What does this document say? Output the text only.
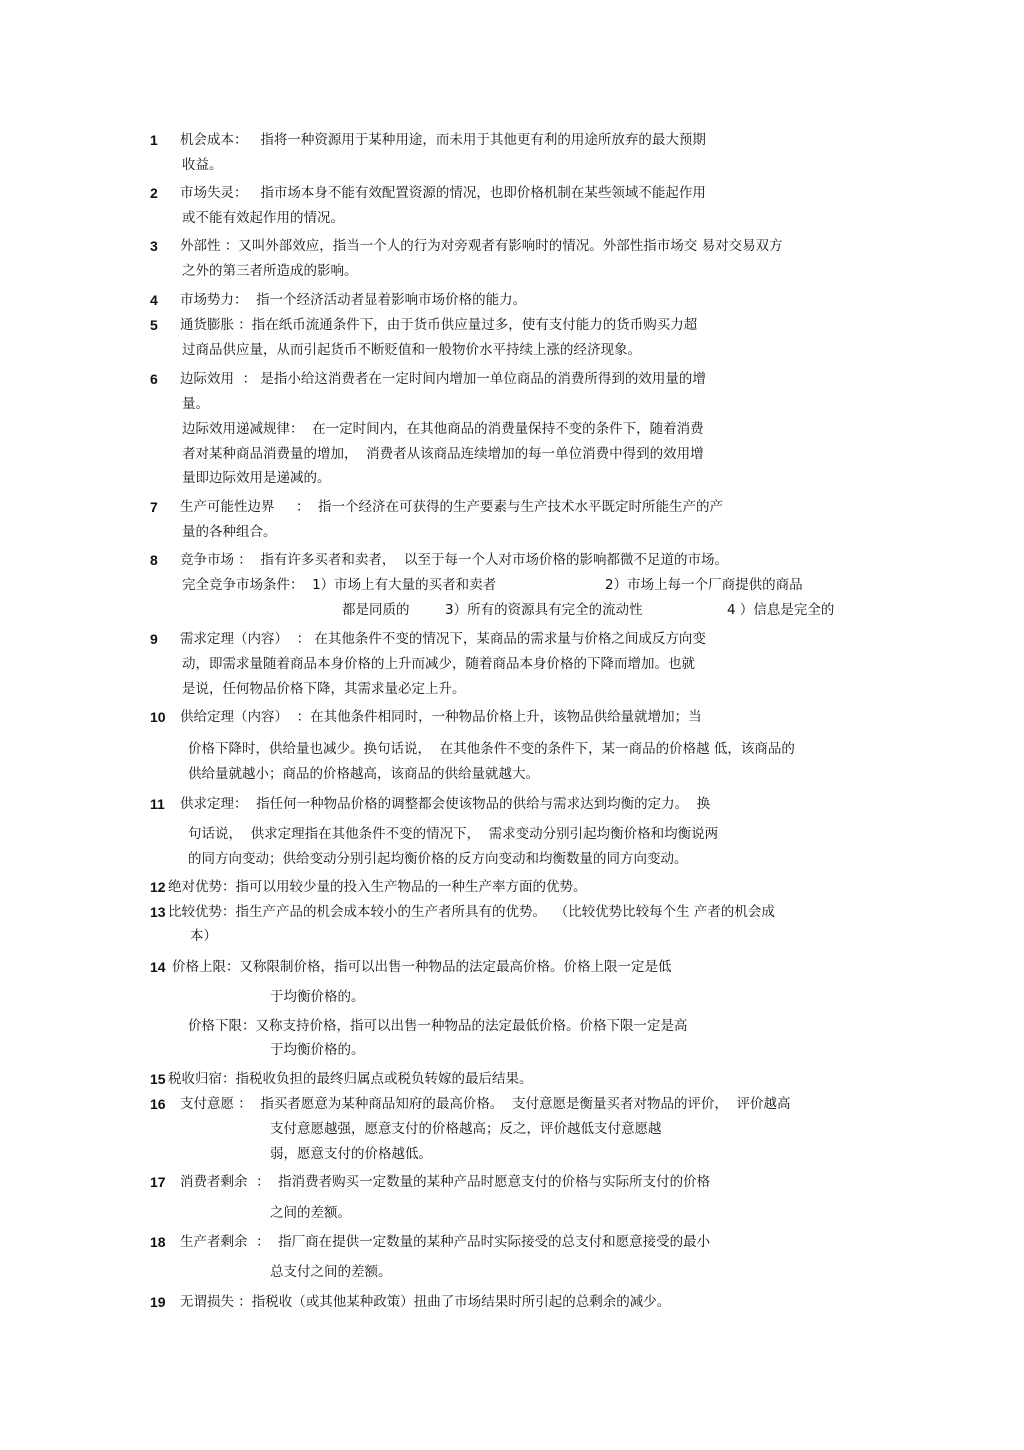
1 机会成本：   指将一种资源用于某种用途，而未用于其他更有利的用途所放弃的最大预期
收益。
2 市场失灵：   指市场本身不能有效配置资源的情况，也即价格机制在某些领域不能起作用
或不能有效起作用的情况。
3 外部性 ：又叫外部效应，指当一个人的行为对旁观者有影响时的情况。外部性指市场交 易对交易双方
之外的第三者所造成的影响。
4 市场势力：  指一个经济活动者显着影响市场价格的能力。
5 通货膨胀 ：指在纸币流通条件下，由于货币供应量过多，使有支付能力的货币购买力超
过商品供应量，从而引起货币不断贬值和一般物价水平持续上涨的经济现象。
6 边际效用  ： 是指小给这消费者在一定时间内增加一单位商品的消费所得到的效用量的增
量。
边际效用递减规律：  在一定时间内，在其他商品的消费量保持不变的条件下，随着消费
者对某种商品消费量的增加，  消费者从该商品连续增加的每一单位消费中得到的效用增
量即边际效用是递减的。
7 生产可能性边界     ：  指一个经济在可获得的生产要素与生产技术水平既定时所能生产的产
量的各种组合。
8 竞争市场 ：  指有许多买者和卖者，  以至于每一个人对市场价格的影响都微不足道的市场。
完全竞争市场条件：  1）市场上有大量的买者和卖者	2）市场上每一个厂商提供的商品
都是同质的	3）所有的资源具有完全的流动性	4 ）信息是完全的
9 需求定理（内容）  ： 在其他条件不变的情况下，某商品的需求量与价格之间成反方向变
动，即需求量随着商品本身价格的上升而减少，随着商品本身价格的下降而增加。也就
是说，任何物品价格下降，其需求量必定上升。
10 供给定理（内容）  ：在其他条件相同时，一种物品价格上升，该物品供给量就增加；当
价格下降时，供给量也减少。换句话说，  在其他条件不变的条件下，某一商品的价格越 低，该商品的
供给量就越小；商品的价格越高，该商品的供给量就越大。
11 供求定理：  指任何一种物品价格的调整都会使该物品的供给与需求达到均衡的定力。  换
句话说，  供求定理指在其他条件不变的情况下，  需求变动分别引起均衡价格和均衡说两
的同方向变动；供给变动分别引起均衡价格的反方向变动和均衡数量的同方向变动。
12 绝对优势：指可以用较少量的投入生产物品的一种生产率方面的优势。
13 比较优势：指生产产品的机会成本较小的生产者所具有的优势。  （比较优势比较每个生 产者的机会成
本）
14 价格上限：又称限制价格，指可以出售一种物品的法定最高价格。价格上限一定是低
于均衡价格的。
价格下限：又称支持价格，指可以出售一种物品的法定最低价格。价格下限一定是高
于均衡价格的。
15 税收归宿：指税收负担的最终归属点或税负转嫁的最后结果。
16 支付意愿 ：  指买者愿意为某种商品知府的最高价格。  支付意愿是衡量买者对物品的评价，  评价越高
支付意愿越强，愿意支付的价格越高；反之，评价越低支付意愿越
弱，愿意支付的价格越低。
17 消费者剩余  ：  指消费者购买一定数量的某种产品时愿意支付的价格与实际所支付的价格
之间的差额。
18 生产者剩余  ：  指厂商在提供一定数量的某种产品时实际接受的总支付和愿意接受的最小
总支付之间的差额。
19 无谓损失 ：指税收（或其他某种政策）扭曲了市场结果时所引起的总剩余的减少。
